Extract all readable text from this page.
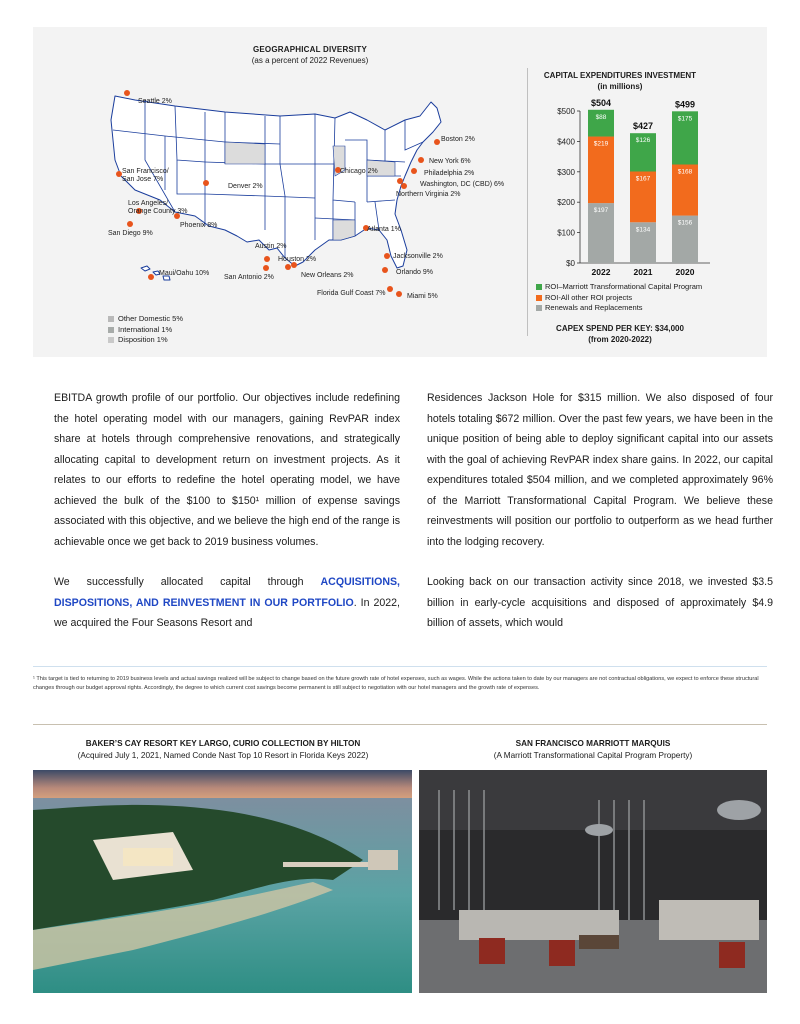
GEOGRAPHICAL DIVERSITY
(as a percent of 2022 Revenues)
Seattle 2%
Boston 2%
New York 6%
Philadelphia 2%
Washington, DC (CBD) 6%
Northern Virginia 2%
San Francisco/
San Jose 7%
Chicago 2%
Denver 2%
Los Angeles/
Orange County 3%
Phoenix 8%
San Diego 9%
Atlanta 1%
Austin 2%
Houston 2%	Jacksonville 2%
Orlando 9%
Maui/Oahu 10%
San Antonio 2%	New Orleans 2%
Florida Gulf Coast 7%	Miami 5%
Other Domestic 5%
International 1%
Disposition 1%
CAPITAL EXPENDITURES INVESTMENT
(in millions)
$0
$100
$200
$300
$400
$500
$197
$219
$88
$504
2022
$134
$167
$126
$427
2021
$156
$168
$175
$499
2020
ROI–Marriott Transformational Capital Program
ROI-All other ROI projects
Renewals and Replacements
CAPEX SPEND PER KEY: $34,000
(from 2020-2022)

EBITDA growth profile of our portfolio. Our objectives include redefining the hotel operating model with our managers, gaining RevPAR index share at hotels through comprehensive renovations, and strategically allocating capital to development return on investment projects. As it relates to our efforts to redefine the hotel operating model, we have achieved the bulk of the $100 to $150¹ million of expense savings associated with this objective, and we believe the high end of the range is achievable once we get back to 2019 business volumes.

We successfully allocated capital through ACQUISITIONS, DISPOSITIONS, AND REINVESTMENT IN OUR PORTFOLIO. In 2022, we acquired the Four Seasons Resort and

Residences Jackson Hole for $315 million. We also disposed of four hotels totaling $672 million. Over the past few years, we have been in the unique position of being able to deploy significant capital into our assets with the goal of achieving RevPAR index share gains. In 2022, our capital expenditures totaled $504 million, and we completed approximately 96% of the Marriott Transformational Capital Program. We believe these reinvestments will position our portfolio to outperform as we head further into the lodging recovery.

Looking back on our transaction activity since 2018, we invested $3.5 billion in early-cycle acquisitions and disposed of approximately $4.9 billion of assets, which would

¹ This target is tied to returning to 2019 business levels and actual savings realized will be subject to change based on the future growth rate of hotel expenses, such as wages. While the actions taken to date by our managers are not contractual obligations, we expect to enforce these structural changes through our budget approval rights. Accordingly, the degree to which current cost savings become permanent is still subject to negotiation with our hotel managers and the growth rate of expenses.
BAKER’S CAY RESORT KEY LARGO, CURIO COLLECTION BY HILTON
(Acquired July 1, 2021, Named Conde Nast Top 10 Resort in Florida Keys 2022)
SAN FRANCISCO MARRIOTT MARQUIS
(A Marriott Transformational Capital Program Property)
